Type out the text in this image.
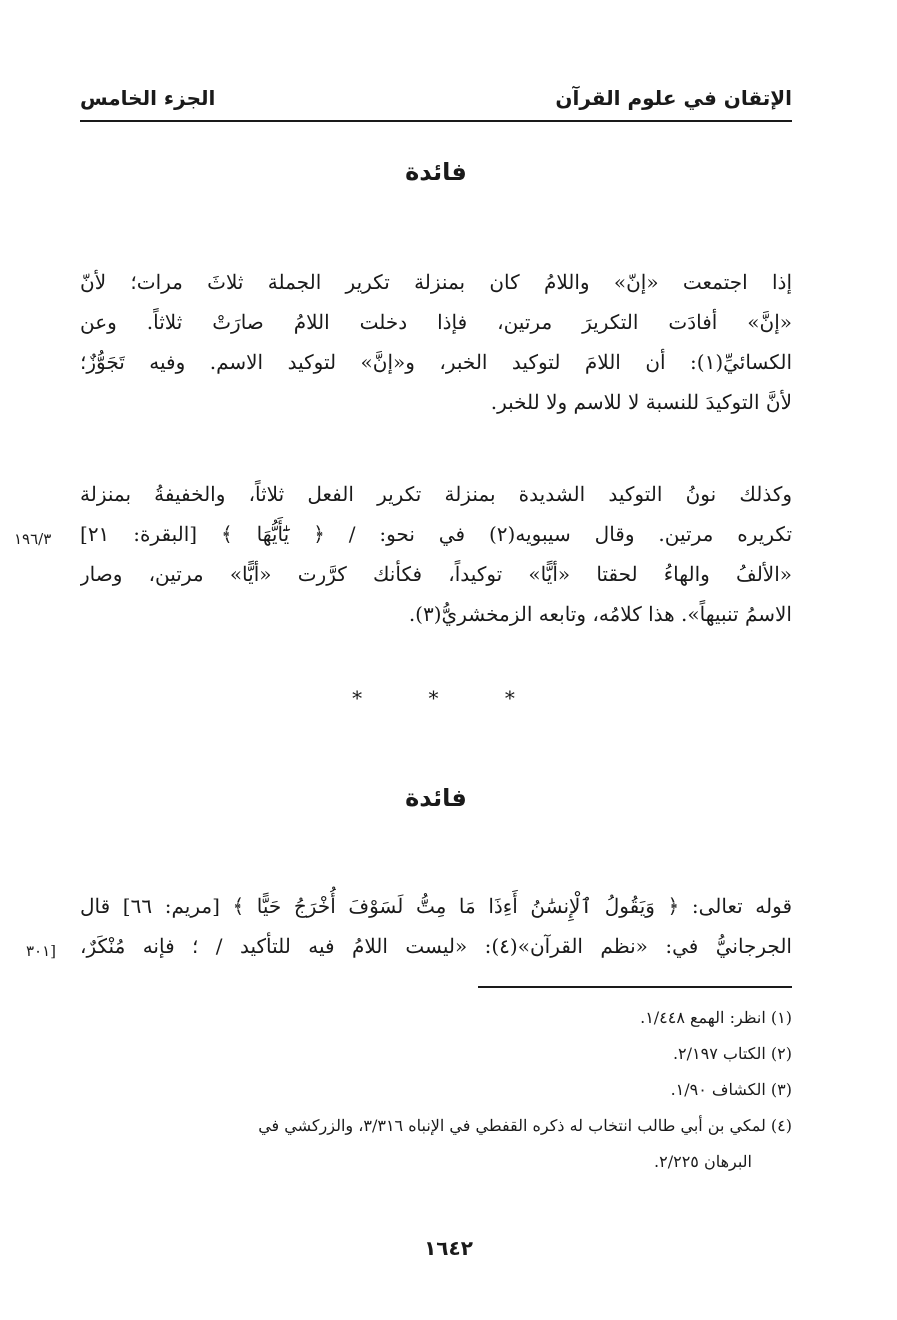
الإتقان في علوم القرآن
الجزء الخامس
فائدة
إذا اجتمعت «إنّ» واللامُ كان بمنزلة تكرير الجملة ثلاثَ مرات؛ لأنّ
«إنَّ» أفادَت التكريرَ مرتين، فإذا دخلت اللامُ صارَتْ ثلاثاً. وعن
الكسائيِّ(١): أن اللامَ لتوكيد الخبر، و«إنَّ» لتوكيد الاسم. وفيه تَجَوُّزٌ؛
لأنَّ التوكيدَ للنسبة لا للاسم ولا للخبر.
وكذلك نونُ التوكيد الشديدة بمنزلة تكرير الفعل ثلاثاً، والخفيفةُ بمنزلة
تكريره مرتين. وقال سيبويه(٢) في نحو: / ﴿ يَٰٓأَيُّهَا ﴾ [البقرة: ٢١]
«الألفُ والهاءُ لحقتا «أيًّا» توكيداً، فكأنك كرَّرت «أيًّا» مرتين، وصار
الاسمُ تنبيهاً». هذا كلامُه، وتابعه الزمخشريُّ(٣).
١٩٦/٣
* * *
فائدة
قوله تعالى: ﴿ وَيَقُولُ ٱلْإِنسَٰنُ أَءِذَا مَا مِتُّ لَسَوْفَ أُخْرَجُ حَيًّا ﴾ [مريم: ٦٦] قال
الجرجانيُّ في: «نظم القرآن»(٤): «ليست اللامُ فيه للتأكيد / ؛ فإنه مُنْكَرٌ،
[٣٠١
(١) انظر: الهمع ١/٤٤٨.
(٢) الكتاب ٢/١٩٧.
(٣) الكشاف ١/٩٠.
(٤) لمكي بن أبي طالب انتخاب له ذكره القفطي في الإنباه ٣/٣١٦، والزركشي في
البرهان ٢/٢٢٥.
١٦٤٢
